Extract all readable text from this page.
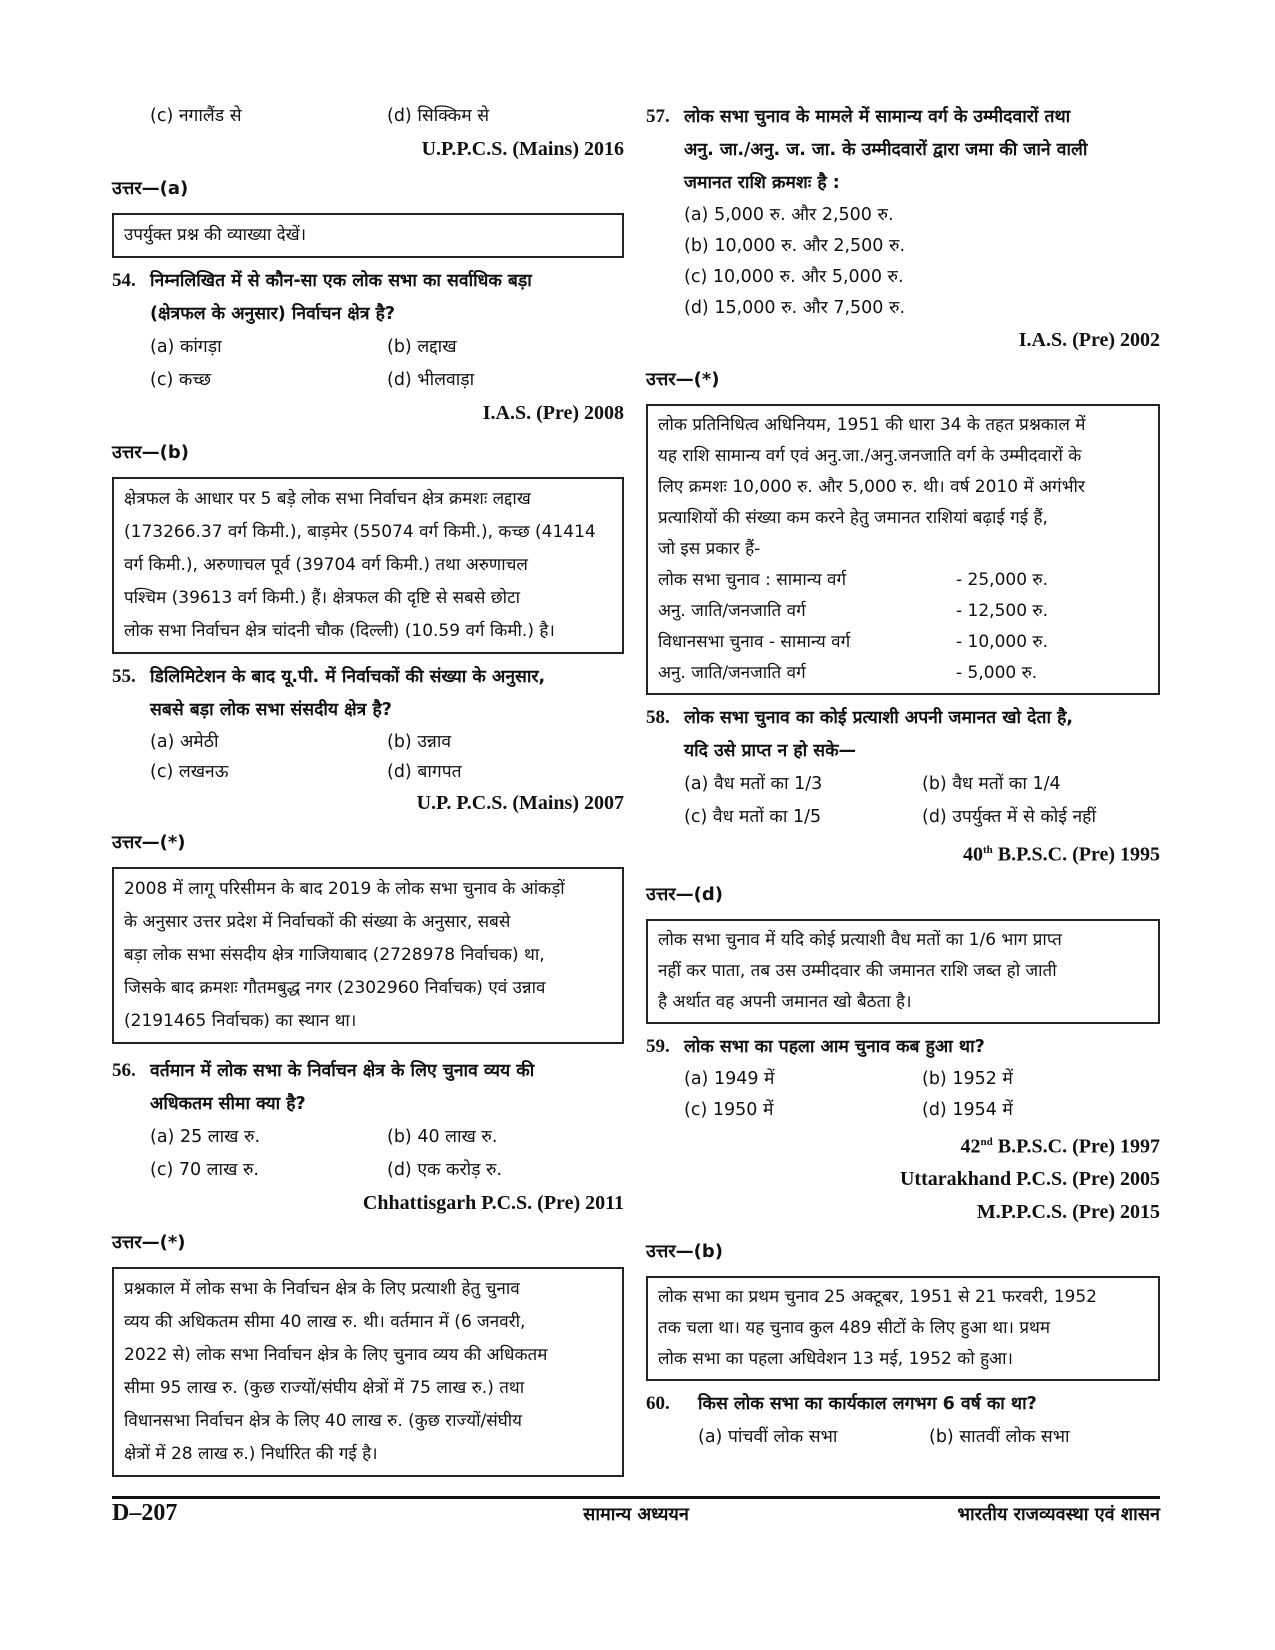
(c) नगालैंड से	(d) सिक्किम से
U.P.P.C.S. (Mains) 2016
उत्तर—(a)
उपर्युक्त प्रश्न की व्याख्या देखें।
54. निम्नलिखित में से कौन-सा एक लोक सभा का सर्वाधिक बड़ा
(क्षेत्रफल के अनुसार) निर्वाचन क्षेत्र है?
(a) कांगड़ा	(b) लद्दाख
(c) कच्छ	(d) भीलवाड़ा
I.A.S. (Pre) 2008
उत्तर—(b)
क्षेत्रफल के आधार पर 5 बड़े लोक सभा निर्वाचन क्षेत्र क्रमशः लद्दाख
(173266.37 वर्ग किमी.), बाड़मेर (55074 वर्ग किमी.), कच्छ (41414
वर्ग किमी.), अरुणाचल पूर्व (39704 वर्ग किमी.) तथा अरुणाचल
पश्चिम (39613 वर्ग किमी.) हैं। क्षेत्रफल की दृष्टि से सबसे छोटा
लोक सभा निर्वाचन क्षेत्र चांदनी चौक (दिल्ली) (10.59 वर्ग किमी.) है।
55. डिलिमिटेशन के बाद यू.पी. में निर्वाचकों की संख्या के अनुसार,
सबसे बड़ा लोक सभा संसदीय क्षेत्र है?
(a) अमेठी	(b) उन्नाव
(c) लखनऊ	(d) बागपत
U.P. P.C.S. (Mains) 2007
उत्तर—(*)
2008 में लागू परिसीमन के बाद 2019 के लोक सभा चुनाव के आंकड़ों
के अनुसार उत्तर प्रदेश में निर्वाचकों की संख्या के अनुसार, सबसे
बड़ा लोक सभा संसदीय क्षेत्र गाजियाबाद (2728978 निर्वाचक) था,
जिसके बाद क्रमशः गौतमबुद्ध नगर (2302960 निर्वाचक) एवं उन्नाव
(2191465 निर्वाचक) का स्थान था।
56. वर्तमान में लोक सभा के निर्वाचन क्षेत्र के लिए चुनाव व्यय की
अधिकतम सीमा क्या है?
(a) 25 लाख रु.	(b) 40 लाख रु.
(c) 70 लाख रु.	(d) एक करोड़ रु.
Chhattisgarh P.C.S. (Pre) 2011
उत्तर—(*)
प्रश्नकाल में लोक सभा के निर्वाचन क्षेत्र के लिए प्रत्याशी हेतु चुनाव
व्यय की अधिकतम सीमा 40 लाख रु. थी। वर्तमान में (6 जनवरी,
2022 से) लोक सभा निर्वाचन क्षेत्र के लिए चुनाव व्यय की अधिकतम
सीमा 95 लाख रु. (कुछ राज्यों/संघीय क्षेत्रों में 75 लाख रु.) तथा
विधानसभा निर्वाचन क्षेत्र के लिए 40 लाख रु. (कुछ राज्यों/संघीय
क्षेत्रों में 28 लाख रु.) निर्धारित की गई है।
57. लोक सभा चुनाव के मामले में सामान्य वर्ग के उम्मीदवारों तथा
अनु. जा./अनु. ज. जा. के उम्मीदवारों द्वारा जमा की जाने वाली
जमानत राशि क्रमशः है :
(a) 5,000 रु. और 2,500 रु.
(b) 10,000 रु. और 2,500 रु.
(c) 10,000 रु. और 5,000 रु.
(d) 15,000 रु. और 7,500 रु.
I.A.S. (Pre) 2002
उत्तर—(*)
लोक प्रतिनिधित्व अधिनियम, 1951 की धारा 34 के तहत प्रश्नकाल में
यह राशि सामान्य वर्ग एवं अनु.जा./अनु.जनजाति वर्ग के उम्मीदवारों के
लिए क्रमशः 10,000 रु. और 5,000 रु. थी। वर्ष 2010 में अगंभीर
प्रत्याशियों की संख्या कम करने हेतु जमानत राशियां बढ़ाई गई हैं,
जो इस प्रकार हैं-
लोक सभा चुनाव : सामान्य वर्ग	- 25,000 रु.
अनु. जाति/जनजाति वर्ग	- 12,500 रु.
विधानसभा चुनाव - सामान्य वर्ग	- 10,000 रु.
अनु. जाति/जनजाति वर्ग	- 5,000 रु.
58. लोक सभा चुनाव का कोई प्रत्याशी अपनी जमानत खो देता है,
यदि उसे प्राप्त न हो सके—
(a) वैध मतों का 1/3	(b) वैध मतों का 1/4
(c) वैध मतों का 1/5	(d) उपर्युक्त में से कोई नहीं
40th B.P.S.C. (Pre) 1995
उत्तर—(d)
लोक सभा चुनाव में यदि कोई प्रत्याशी वैध मतों का 1/6 भाग प्राप्त
नहीं कर पाता, तब उस उम्मीदवार की जमानत राशि जब्त हो जाती
है अर्थात वह अपनी जमानत खो बैठता है।
59. लोक सभा का पहला आम चुनाव कब हुआ था?
(a) 1949 में	(b) 1952 में
(c) 1950 में	(d) 1954 में
42nd B.P.S.C. (Pre) 1997
Uttarakhand P.C.S. (Pre) 2005
M.P.P.C.S. (Pre) 2015
उत्तर—(b)
लोक सभा का प्रथम चुनाव 25 अक्टूबर, 1951 से 21 फरवरी, 1952
तक चला था। यह चुनाव कुल 489 सीटों के लिए हुआ था। प्रथम
लोक सभा का पहला अधिवेशन 13 मई, 1952 को हुआ।
60. किस लोक सभा का कार्यकाल लगभग 6 वर्ष का था?
(a) पांचवीं लोक सभा	(b) सातवीं लोक सभा
D–207	सामान्य अध्ययन	भारतीय राजव्यवस्था एवं शासन
